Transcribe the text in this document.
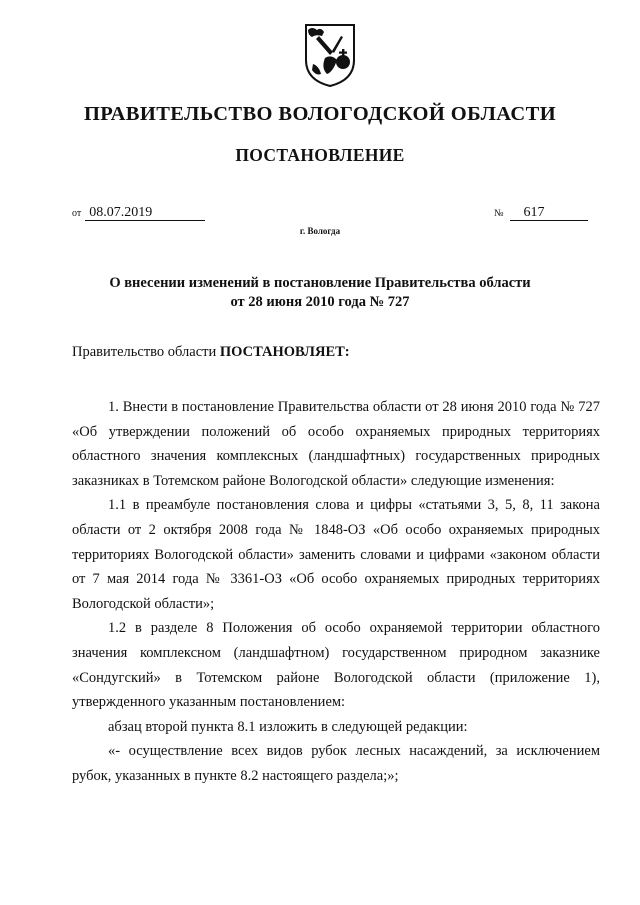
ПРАВИТЕЛЬСТВО ВОЛОГОДСКОЙ ОБЛАСТИ
ПОСТАНОВЛЕНИЕ
от 08.07.2019	№ 617
г. Вологда
О внесении изменений в постановление Правительства области
от 28 июня 2010 года № 727
Правительство области ПОСТАНОВЛЯЕТ:

1. Внести в постановление Правительства области от 28 июня 2010 года № 727 «Об утверждении положений об особо охраняемых природных территориях областного значения комплексных (ландшафтных) государственных природных заказниках в Тотемском районе Вологодской области» следующие изменения:

1.1 в преамбуле постановления слова и цифры «статьями 3, 5, 8, 11 закона области от 2 октября 2008 года № 1848-ОЗ «Об особо охраняемых природных территориях Вологодской области» заменить словами и цифрами «законом области от 7 мая 2014 года № 3361-ОЗ «Об особо охраняемых природных территориях Вологодской области»;

1.2 в разделе 8 Положения об особо охраняемой территории областного значения комплексном (ландшафтном) государственном природном заказнике «Сондугский» в Тотемском районе Вологодской области (приложение 1), утвержденного указанным постановлением:

абзац второй пункта 8.1 изложить в следующей редакции:

«- осуществление всех видов рубок лесных насаждений, за исключением рубок, указанных в пункте 8.2 настоящего раздела;»;
